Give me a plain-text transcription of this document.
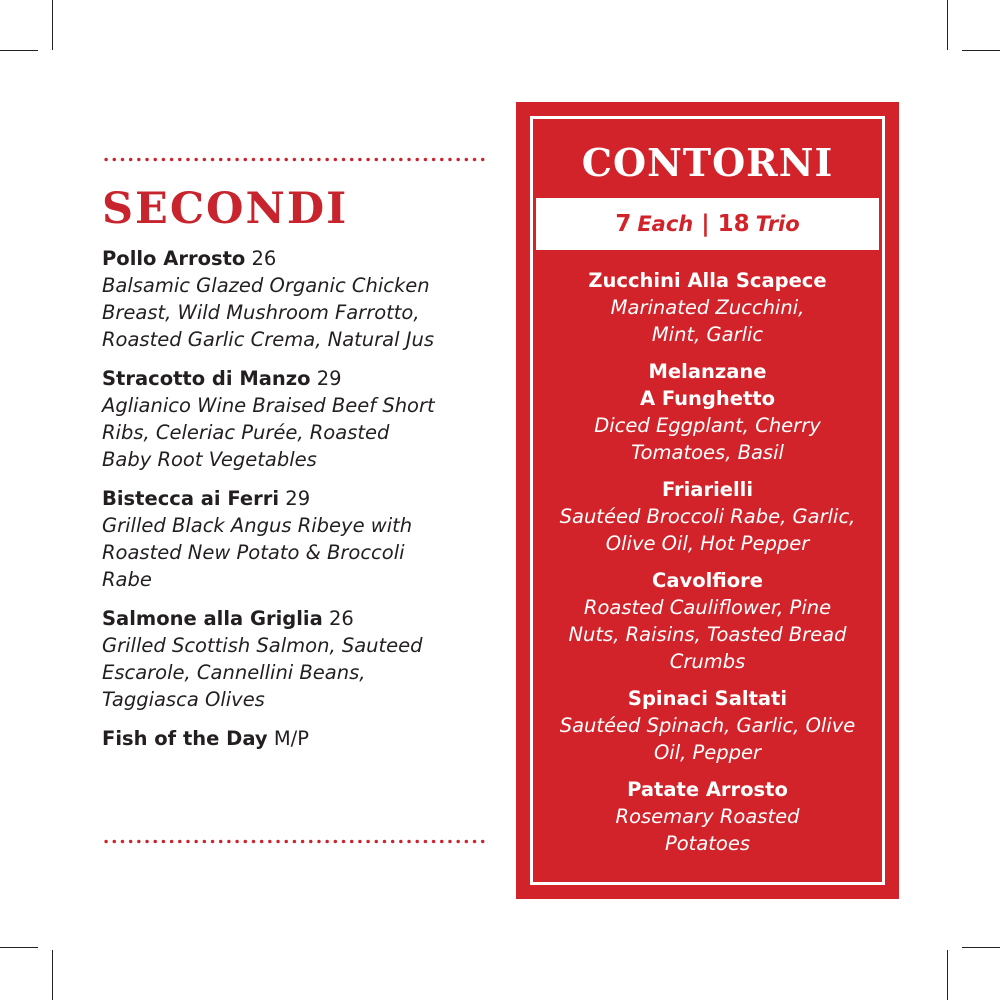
SECONDI
Pollo Arrosto 26
Balsamic Glazed Organic Chicken
Breast, Wild Mushroom Farrotto,
Roasted Garlic Crema, Natural Jus
Stracotto di Manzo 29
Aglianico Wine Braised Beef Short
Ribs, Celeriac Purée, Roasted
Baby Root Vegetables
Bistecca ai Ferri 29
Grilled Black Angus Ribeye with
Roasted New Potato & Broccoli
Rabe
Salmone alla Griglia 26
Grilled Scottish Salmon, Sauteed
Escarole, Cannellini Beans,
Taggiasca Olives
Fish of the Day M/P
CONTORNI
7 Each | 18 Trio
Zucchini Alla Scapece
Marinated Zucchini,
Mint, Garlic
Melanzane
A Funghetto
Diced Eggplant, Cherry
Tomatoes, Basil
Friarielli
Sautéed Broccoli Rabe, Garlic,
Olive Oil, Hot Pepper
Cavolfiore
Roasted Cauliflower, Pine
Nuts, Raisins, Toasted Bread
Crumbs
Spinaci Saltati
Sautéed Spinach, Garlic, Olive
Oil, Pepper
Patate Arrosto
Rosemary Roasted
Potatoes
